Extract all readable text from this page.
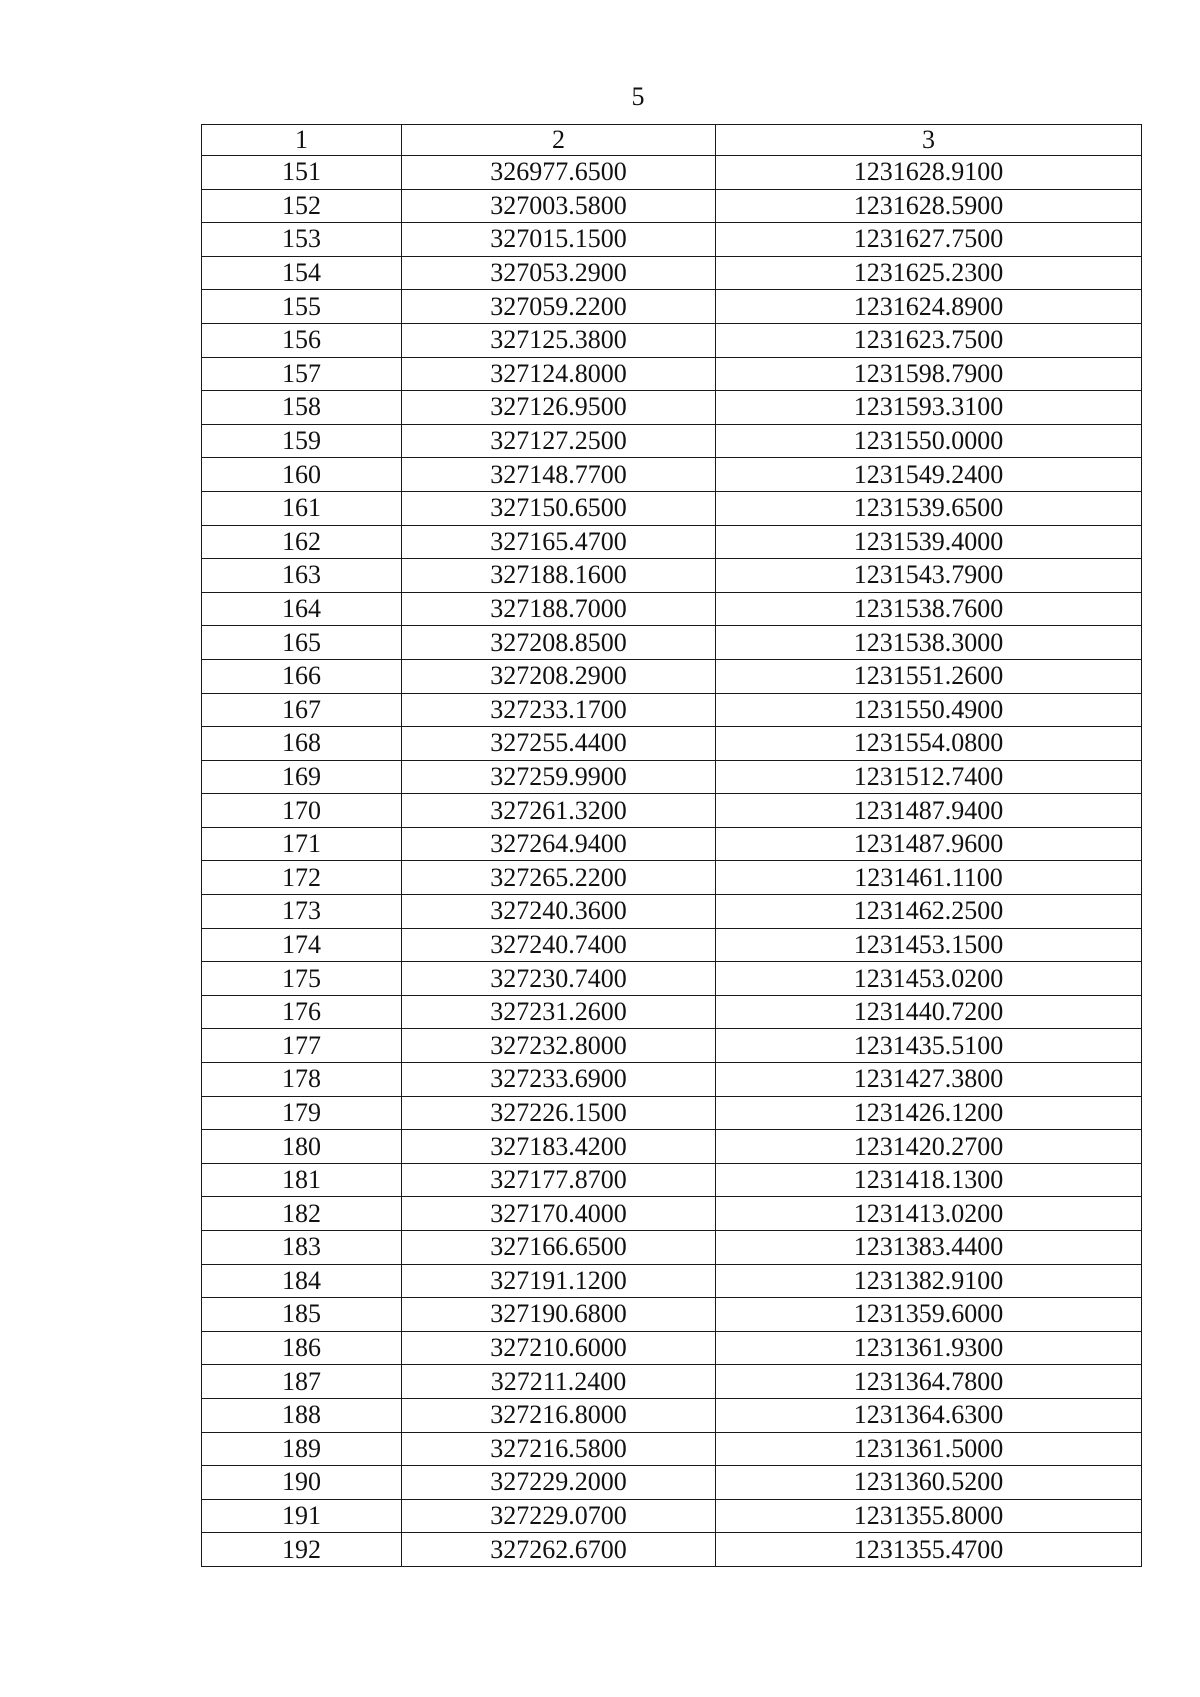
5
1	2	3
151	326977.6500	1231628.9100
152	327003.5800	1231628.5900
153	327015.1500	1231627.7500
154	327053.2900	1231625.2300
155	327059.2200	1231624.8900
156	327125.3800	1231623.7500
157	327124.8000	1231598.7900
158	327126.9500	1231593.3100
159	327127.2500	1231550.0000
160	327148.7700	1231549.2400
161	327150.6500	1231539.6500
162	327165.4700	1231539.4000
163	327188.1600	1231543.7900
164	327188.7000	1231538.7600
165	327208.8500	1231538.3000
166	327208.2900	1231551.2600
167	327233.1700	1231550.4900
168	327255.4400	1231554.0800
169	327259.9900	1231512.7400
170	327261.3200	1231487.9400
171	327264.9400	1231487.9600
172	327265.2200	1231461.1100
173	327240.3600	1231462.2500
174	327240.7400	1231453.1500
175	327230.7400	1231453.0200
176	327231.2600	1231440.7200
177	327232.8000	1231435.5100
178	327233.6900	1231427.3800
179	327226.1500	1231426.1200
180	327183.4200	1231420.2700
181	327177.8700	1231418.1300
182	327170.4000	1231413.0200
183	327166.6500	1231383.4400
184	327191.1200	1231382.9100
185	327190.6800	1231359.6000
186	327210.6000	1231361.9300
187	327211.2400	1231364.7800
188	327216.8000	1231364.6300
189	327216.5800	1231361.5000
190	327229.2000	1231360.5200
191	327229.0700	1231355.8000
192	327262.6700	1231355.4700
